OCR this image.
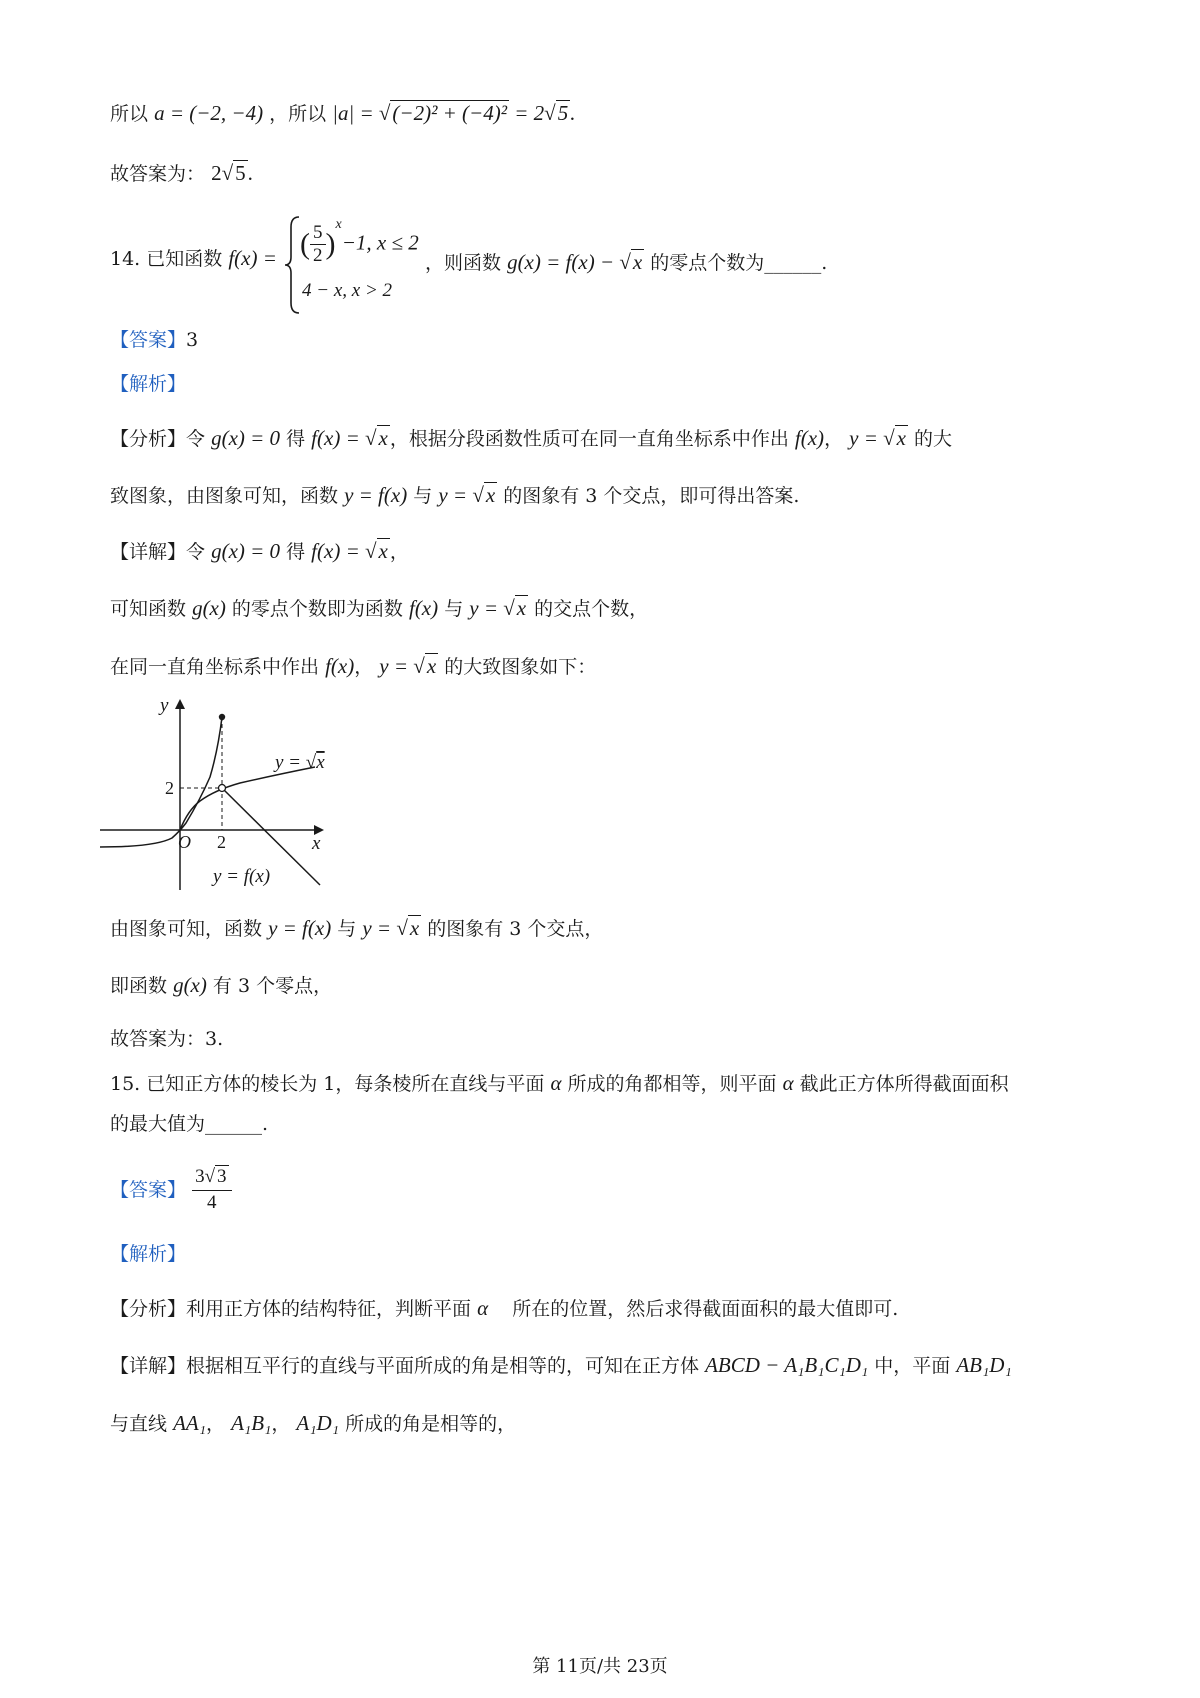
所以 a = (−2, −4) ，所以 |a| = √(−2)² + (−4)² = 2√5.
故答案为： 2√5.
14. 已知函数 f(x) = ( $\frac{5}{2} )^x-1$, x ≤ 2
4 − x, x > 2
，则函数 g(x) = f(x) − √x 的零点个数为______.
【答案】3
【解析】
【分析】令 g(x) = 0 得 f(x) = √x ，根据分段函数性质可在同一直角坐标系中作出 f(x)， y = √x 的大
致图象，由图象可知，函数 y = f(x) 与 y = √x 的图象有 3 个交点，即可得出答案.
【详解】令 g(x) = 0 得 f(x) = √x ，
可知函数 g(x) 的零点个数即为函数 f(x) 与 y = √x 的交点个数，
在同一直角坐标系中作出 f(x)， y = √x 的大致图象如下：
y
x
O 2
2
y = √x
y = f(x)
由图象可知，函数 y = f(x) 与 y = √x 的图象有 3 个交点，
即函数 g(x) 有 3 个零点，
故答案为：3.
15. 已知正方体的棱长为 1，每条棱所在直线与平面 α 所成的角都相等，则平面 α 截此正方体所得截面面积
的最大值为______.
【答案】 $\frac{3√ 3}{4}$
【解析】
【分析】利用正方体的结构特征，判断平面 α 所在的位置，然后求得截面面积的最大值即可.
【详解】根据相互平行的直线与平面所成的角是相等的，可知在正方体 ABCD − A₁B₁C₁D₁ 中，平面 AB₁D₁
与直线 AA₁， A₁B₁， A₁D₁ 所成的角是相等的，
第 11页/共 23页
